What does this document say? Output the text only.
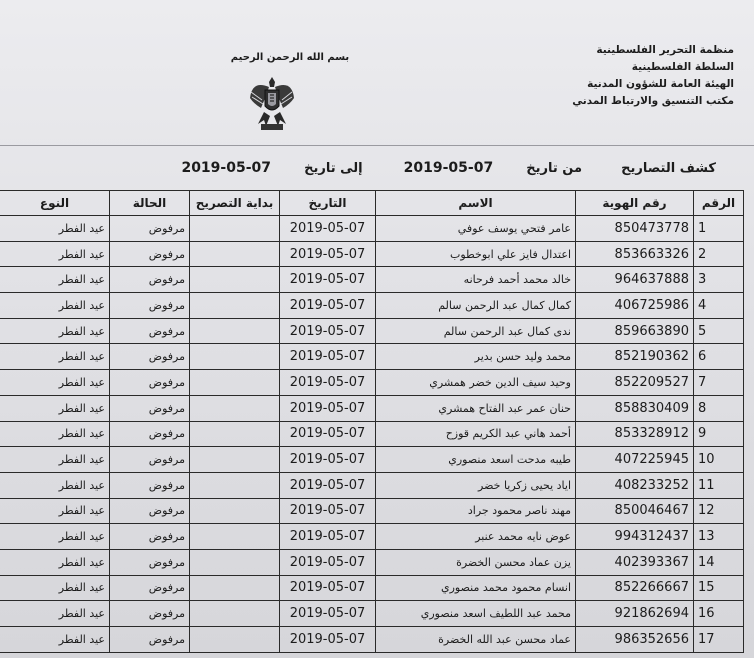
منظمة التحرير الفلسطينية
السلطة الفلسطينية
الهيئة العامة للشؤون المدنية
مكتب التنسيق والارتباط المدني
بسم الله الرحمن الرحيم
كشف التصاريح  من تاريخ  2019-05-07  إلى تاريخ  2019-05-07
الرقم	رقم الهوية	الاسم	التاريخ	بداية التصريح	الحالة	النوع
1	850473778	عامر فتحي يوسف عوفي	2019-05-07		مرفوض	عيد الفطر
2	853663326	اعتدال فايز علي ابوخطوب	2019-05-07		مرفوض	عيد الفطر
3	964637888	خالد محمد أحمد فرحانه	2019-05-07		مرفوض	عيد الفطر
4	406725986	كمال كمال عبد الرحمن سالم	2019-05-07		مرفوض	عيد الفطر
5	859663890	ندى كمال عبد الرحمن سالم	2019-05-07		مرفوض	عيد الفطر
6	852190362	محمد وليد حسن بدير	2019-05-07		مرفوض	عيد الفطر
7	852209527	وحيد سيف الدين خضر همشري	2019-05-07		مرفوض	عيد الفطر
8	858830409	حنان عمر عبد الفتاح همشري	2019-05-07		مرفوض	عيد الفطر
9	853328912	أحمد هاني عبد الكريم قوزح	2019-05-07		مرفوض	عيد الفطر
10	407225945	طيبه مدحت اسعد منصوري	2019-05-07		مرفوض	عيد الفطر
11	408233252	اياد يحيى زكريا خضر	2019-05-07		مرفوض	عيد الفطر
12	850046467	مهند ناصر محمود جراد	2019-05-07		مرفوض	عيد الفطر
13	994312437	عوض نايه محمد عنبر	2019-05-07		مرفوض	عيد الفطر
14	402393367	يزن عماد محسن الخضرة	2019-05-07		مرفوض	عيد الفطر
15	852266667	انسام محمود محمد منصوري	2019-05-07		مرفوض	عيد الفطر
16	921862694	محمد عبد اللطيف اسعد منصوري	2019-05-07		مرفوض	عيد الفطر
17	986352656	عماد محسن عبد الله الخضرة	2019-05-07		مرفوض	عيد الفطر
